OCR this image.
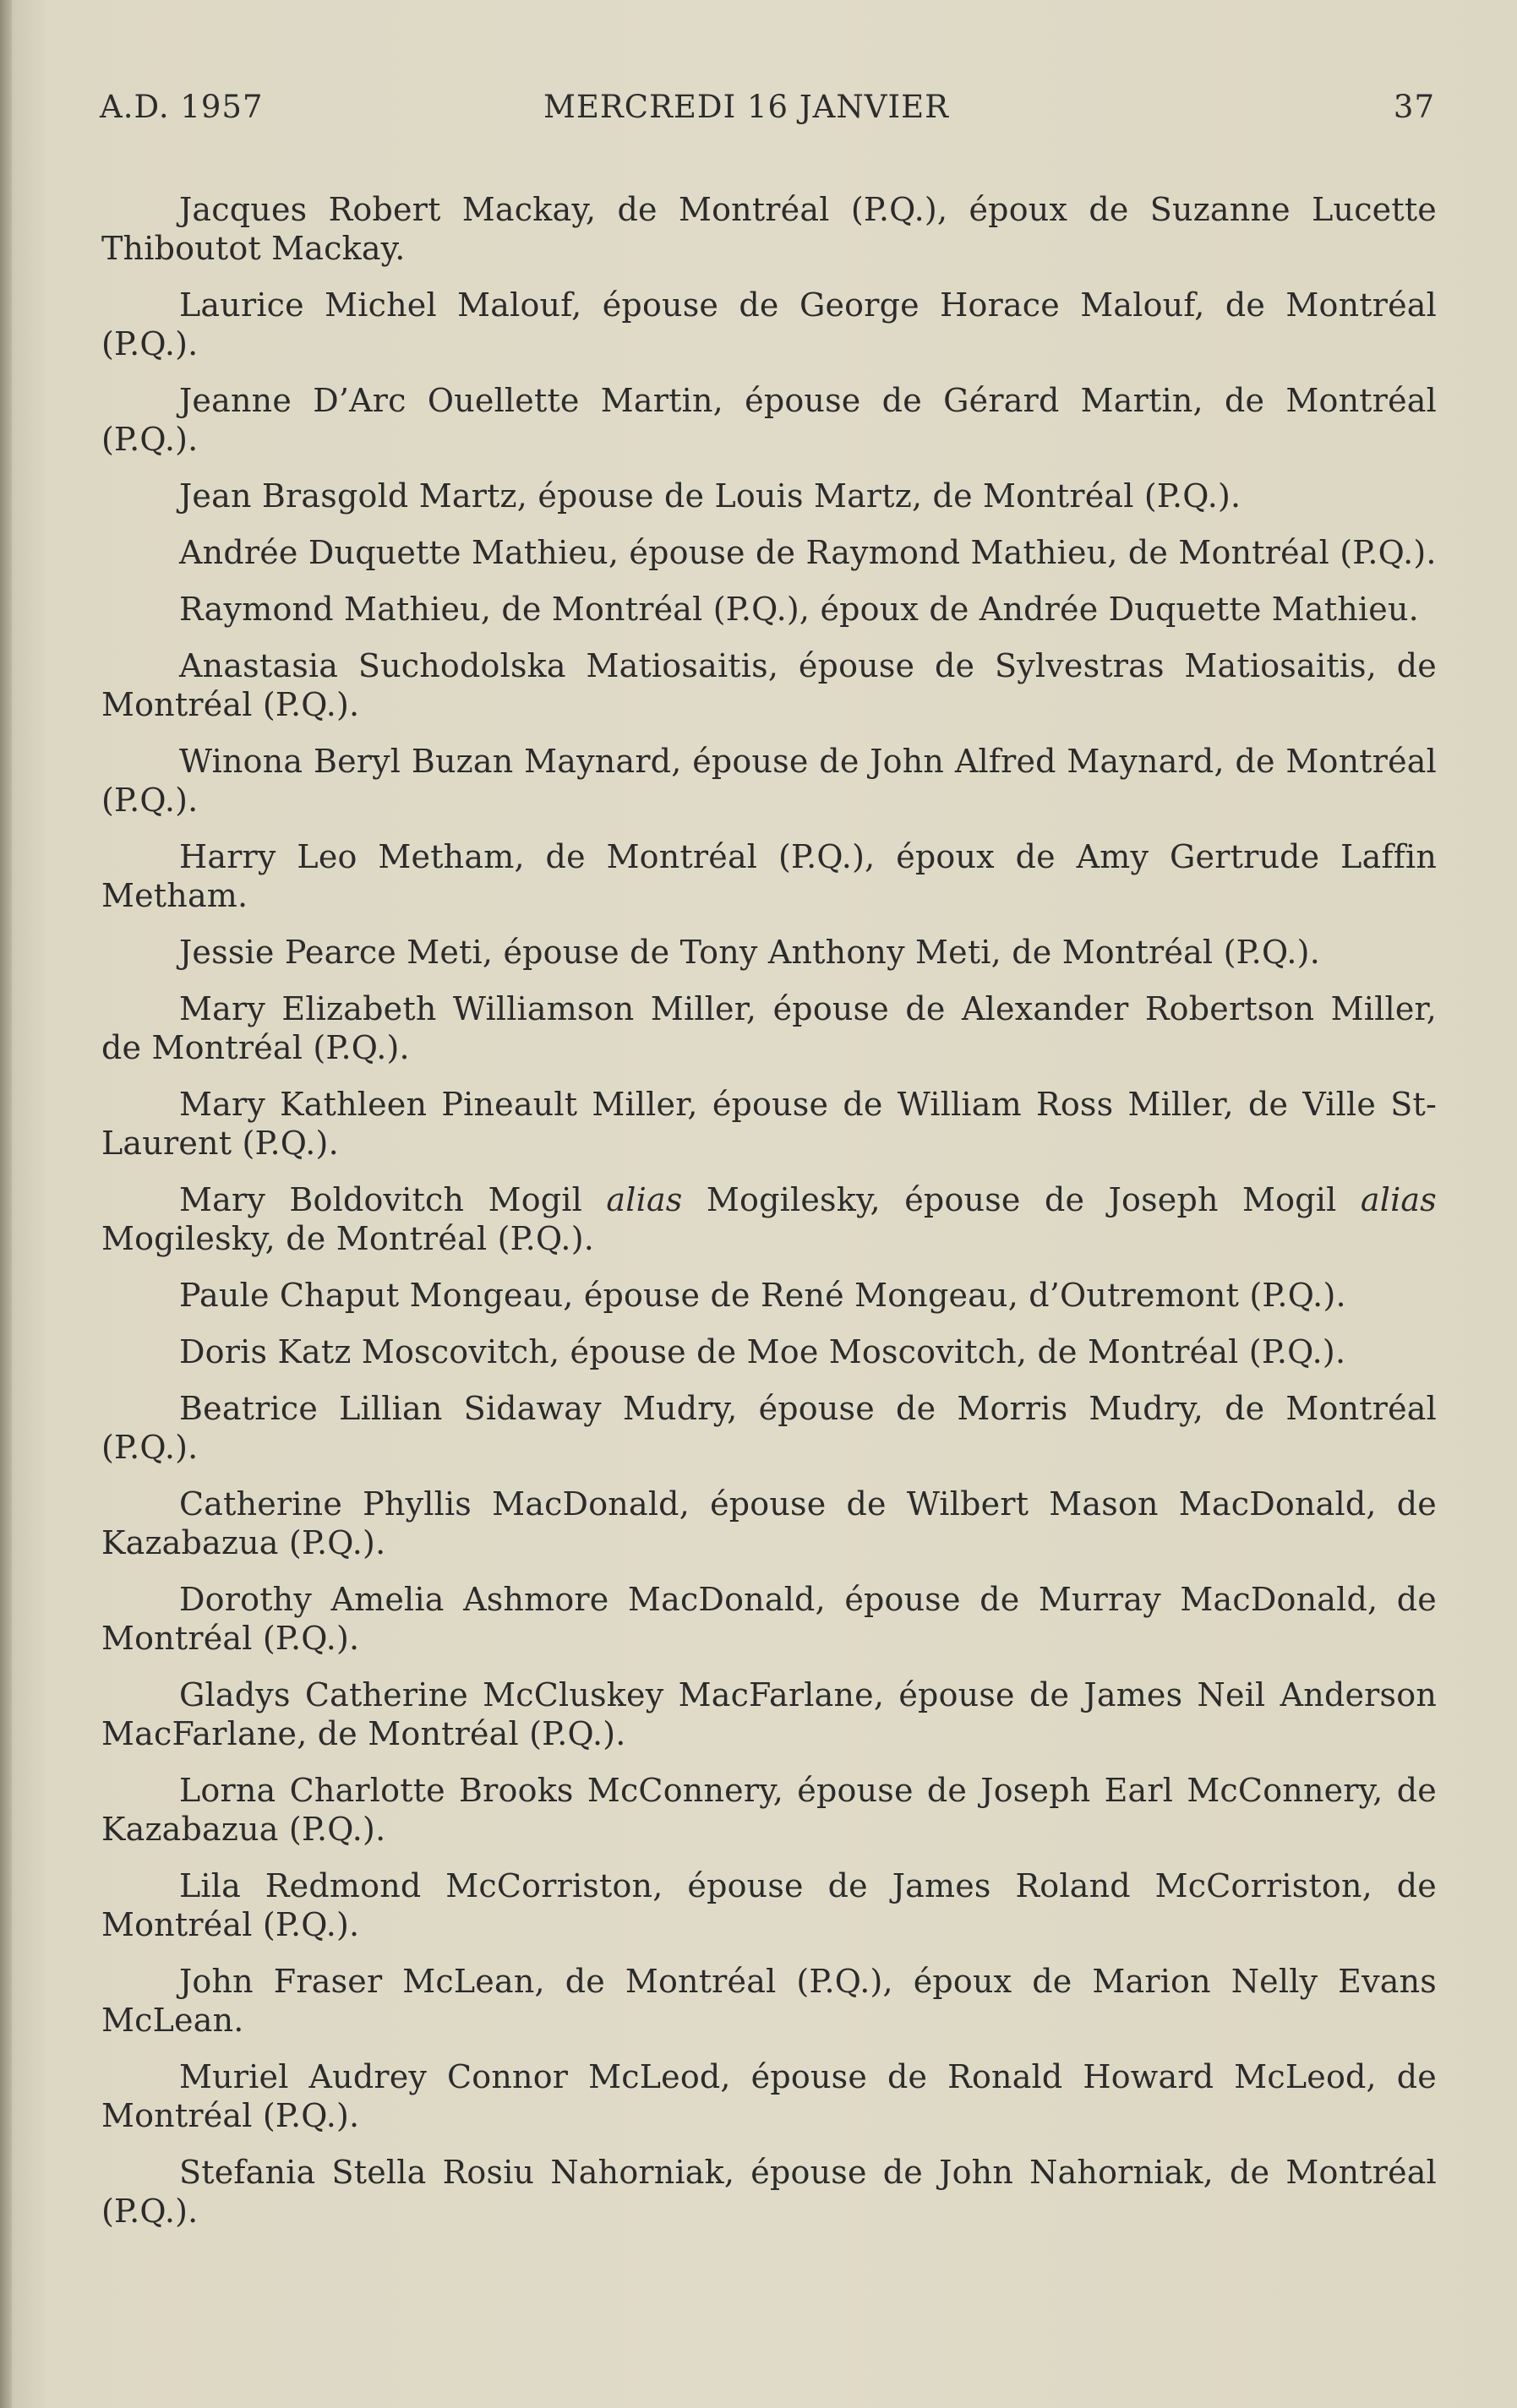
A.D. 1957	MERCREDI 16 JANVIER	37

Jacques Robert Mackay, de Montréal (P.Q.), époux de Suzanne Lucette Thiboutot Mackay.

Laurice Michel Malouf, épouse de George Horace Malouf, de Montréal (P.Q.).

Jeanne D’Arc Ouellette Martin, épouse de Gérard Martin, de Montréal (P.Q.).

Jean Brasgold Martz, épouse de Louis Martz, de Montréal (P.Q.).

Andrée Duquette Mathieu, épouse de Raymond Mathieu, de Montréal (P.Q.).

Raymond Mathieu, de Montréal (P.Q.), époux de Andrée Duquette Mathieu.

Anastasia Suchodolska Matiosaitis, épouse de Sylvestras Matiosaitis, de Montréal (P.Q.).

Winona Beryl Buzan Maynard, épouse de John Alfred Maynard, de Montréal (P.Q.).

Harry Leo Metham, de Montréal (P.Q.), époux de Amy Gertrude Laffin Metham.

Jessie Pearce Meti, épouse de Tony Anthony Meti, de Montréal (P.Q.).

Mary Elizabeth Williamson Miller, épouse de Alexander Robertson Miller, de Montréal (P.Q.).

Mary Kathleen Pineault Miller, épouse de William Ross Miller, de Ville St-Laurent (P.Q.).

Mary Boldovitch Mogil alias Mogilesky, épouse de Joseph Mogil alias Mogilesky, de Montréal (P.Q.).

Paule Chaput Mongeau, épouse de René Mongeau, d’Outremont (P.Q.).

Doris Katz Moscovitch, épouse de Moe Moscovitch, de Montréal (P.Q.).

Beatrice Lillian Sidaway Mudry, épouse de Morris Mudry, de Montréal (P.Q.).

Catherine Phyllis MacDonald, épouse de Wilbert Mason MacDonald, de Kazabazua (P.Q.).

Dorothy Amelia Ashmore MacDonald, épouse de Murray MacDonald, de Montréal (P.Q.).

Gladys Catherine McCluskey MacFarlane, épouse de James Neil Anderson MacFarlane, de Montréal (P.Q.).

Lorna Charlotte Brooks McConnery, épouse de Joseph Earl McConnery, de Kazabazua (P.Q.).

Lila Redmond McCorriston, épouse de James Roland McCorriston, de Montréal (P.Q.).

John Fraser McLean, de Montréal (P.Q.), époux de Marion Nelly Evans McLean.

Muriel Audrey Connor McLeod, épouse de Ronald Howard McLeod, de Montréal (P.Q.).

Stefania Stella Rosiu Nahorniak, épouse de John Nahorniak, de Montréal (P.Q.).
